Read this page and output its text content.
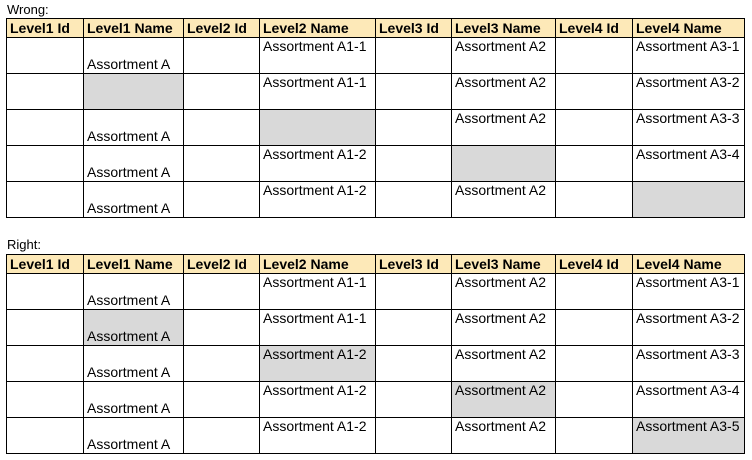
Wrong:

Level1 Id	Level1 Name	Level2 Id	Level2 Name	Level3 Id	Level3 Name	Level4 Id	Level4 Name
	Assortment A		Assortment A1-1		Assortment A2		Assortment A3-1
			Assortment A1-1		Assortment A2		Assortment A3-2
	Assortment A				Assortment A2		Assortment A3-3
	Assortment A		Assortment A1-2				Assortment A3-4
	Assortment A		Assortment A1-2		Assortment A2		

Right:

Level1 Id	Level1 Name	Level2 Id	Level2 Name	Level3 Id	Level3 Name	Level4 Id	Level4 Name
	Assortment A		Assortment A1-1		Assortment A2		Assortment A3-1
	Assortment A		Assortment A1-1		Assortment A2		Assortment A3-2
	Assortment A		Assortment A1-2		Assortment A2		Assortment A3-3
	Assortment A		Assortment A1-2		Assortment A2		Assortment A3-4
	Assortment A		Assortment A1-2		Assortment A2		Assortment A3-5
